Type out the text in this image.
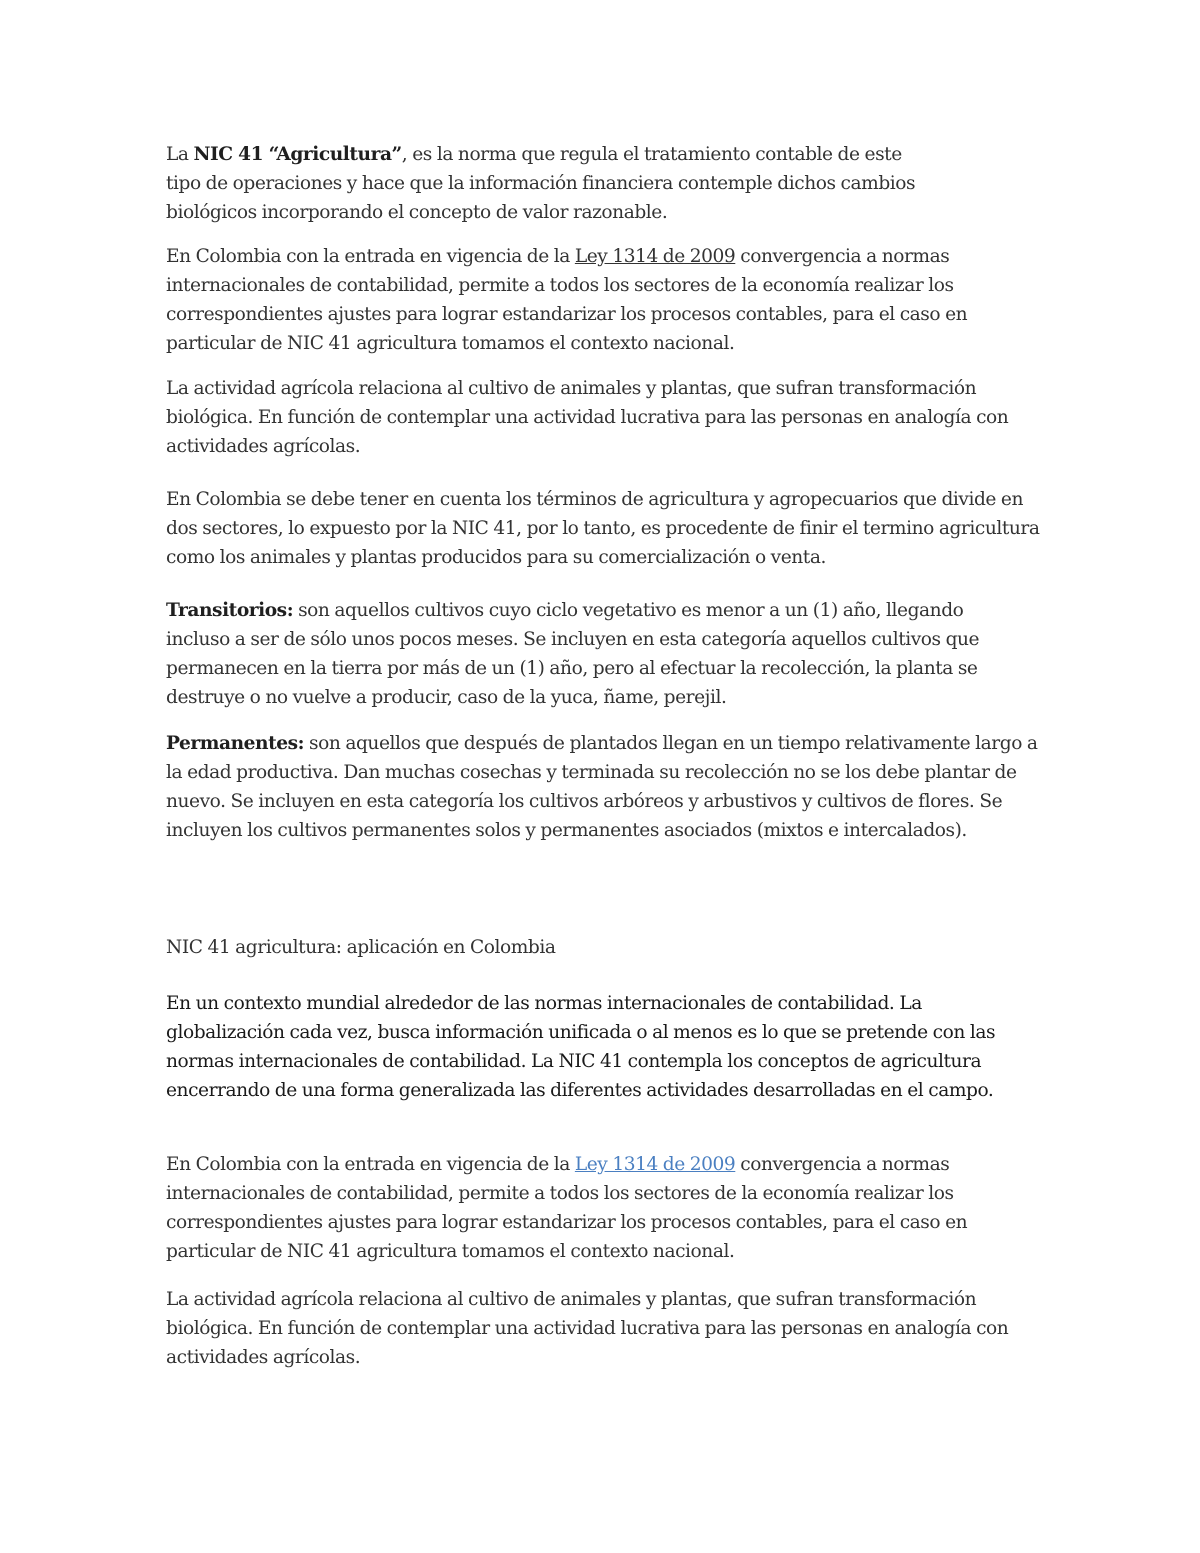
La NIC 41 “Agricultura”, es la norma que regula el tratamiento contable de este
tipo de operaciones y hace que la información financiera contemple dichos cambios
biológicos incorporando el concepto de valor razonable.

En Colombia con la entrada en vigencia de la Ley 1314 de 2009 convergencia a normas internacionales de contabilidad, permite a todos los sectores de la economía realizar los correspondientes ajustes para lograr estandarizar los procesos contables, para el caso en particular de NIC 41 agricultura tomamos el contexto nacional.

La actividad agrícola relaciona al cultivo de animales y plantas, que sufran transformación biológica. En función de contemplar una actividad lucrativa para las personas en analogía con actividades agrícolas.

En Colombia se debe tener en cuenta los términos de agricultura y agropecuarios que divide en dos sectores, lo expuesto por la NIC 41, por lo tanto, es procedente de finir el termino agricultura como los animales y plantas producidos para su comercialización o venta.

Transitorios: son aquellos cultivos cuyo ciclo vegetativo es menor a un (1) año, llegando incluso a ser de sólo unos pocos meses. Se incluyen en esta categoría aquellos cultivos que permanecen en la tierra por más de un (1) año, pero al efectuar la recolección, la planta se destruye o no vuelve a producir, caso de la yuca, ñame, perejil.

Permanentes: son aquellos que después de plantados llegan en un tiempo relativamente largo a la edad productiva. Dan muchas cosechas y terminada su recolección no se los debe plantar de nuevo. Se incluyen en esta categoría los cultivos arbóreos y arbustivos y cultivos de flores. Se incluyen los cultivos permanentes solos y permanentes asociados (mixtos e intercalados).

NIC 41 agricultura: aplicación en Colombia

En un contexto mundial alrededor de las normas internacionales de contabilidad. La globalización cada vez, busca información unificada o al menos es lo que se pretende con las normas internacionales de contabilidad. La NIC 41 contempla los conceptos de agricultura encerrando de una forma generalizada las diferentes actividades desarrolladas en el campo.

En Colombia con la entrada en vigencia de la Ley 1314 de 2009 convergencia a normas internacionales de contabilidad, permite a todos los sectores de la economía realizar los correspondientes ajustes para lograr estandarizar los procesos contables, para el caso en particular de NIC 41 agricultura tomamos el contexto nacional.

La actividad agrícola relaciona al cultivo de animales y plantas, que sufran transformación biológica. En función de contemplar una actividad lucrativa para las personas en analogía con actividades agrícolas.
